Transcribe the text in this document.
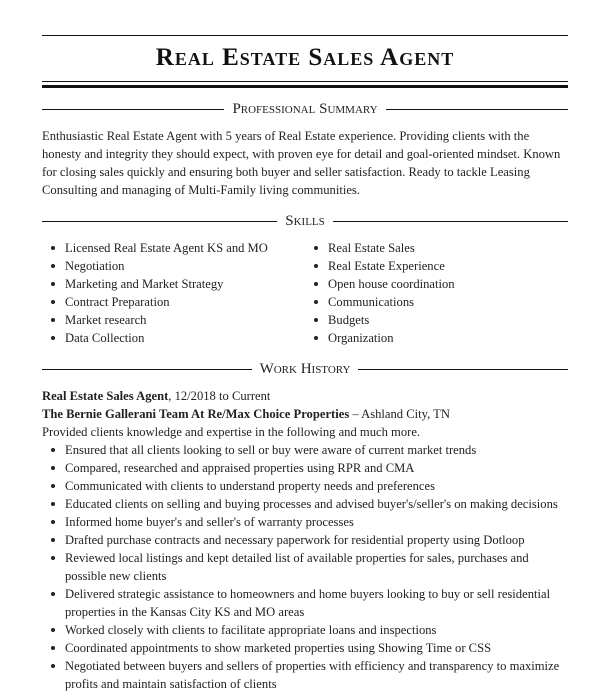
Real Estate Sales Agent
Professional Summary

Enthusiastic Real Estate Agent with 5 years of Real Estate experience. Providing clients with the honesty and integrity they should expect, with proven eye for detail and goal-oriented mindset. Known for closing sales quickly and ensuring both buyer and seller satisfaction. Ready to tackle Leasing Consulting and managing of Multi-Family living communities.

Skills
Licensed Real Estate Agent KS and MO
Negotiation
Marketing and Market Strategy
Contract Preparation
Market research
Data Collection
Real Estate Sales
Real Estate Experience
Open house coordination
Communications
Budgets
Organization
Work History

Real Estate Sales Agent, 12/2018 to Current

The Bernie Gallerani Team At Re/Max Choice Properties – Ashland City, TN

Provided clients knowledge and expertise in the following and much more.

Ensured that all clients looking to sell or buy were aware of current market trends
Compared, researched and appraised properties using RPR and CMA
Communicated with clients to understand property needs and preferences
Educated clients on selling and buying processes and advised buyer's/seller's on making decisions
Informed home buyer's and seller's of warranty processes
Drafted purchase contracts and necessary paperwork for residential property using Dotloop
Reviewed local listings and kept detailed list of available properties for sales, purchases and possible new clients
Delivered strategic assistance to homeowners and home buyers looking to buy or sell residential properties in the Kansas City KS and MO areas
Worked closely with clients to facilitate appropriate loans and inspections
Coordinated appointments to show marketed properties using Showing Time or CSS
Negotiated between buyers and sellers of properties with efficiency and transparency to maximize profits and maintain satisfaction of clients
